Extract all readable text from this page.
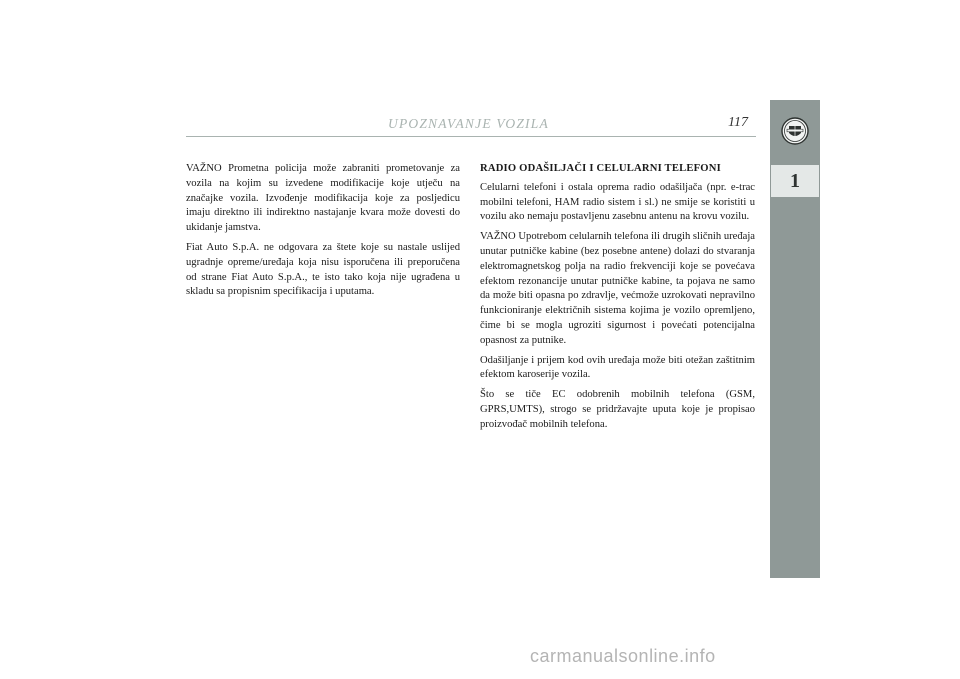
UPOZNAVANJE VOZILA	117
1

VAŽNO Prometna policija može zabraniti prometovanje za vozila na kojim su izvedene modifikacije koje utječu na značajke vozila. Izvođenje modifikacija koje za posljedicu imaju direktno ili indirektno nastajanje kvara može dovesti do ukidanje jamstva.

Fiat Auto S.p.A. ne odgovara za štete koje su nastale uslijed ugradnje opreme/uređaja koja nisu isporučena ili preporučena od strane Fiat Auto S.p.A., te isto tako koja nije ugrađena u skladu sa propisnim specifikacija i uputama.

RADIO ODAŠILJAČI I CELULARNI TELEFONI

Celularni telefoni i ostala oprema radio odašiljača (npr. e-trac mobilni telefoni, HAM radio sistem i sl.) ne smije se koristiti u vozilu ako nemaju postavljenu zasebnu antenu na krovu vozilu.

VAŽNO Upotrebom celularnih telefona ili drugih sličnih uređaja unutar putničke kabine (bez posebne antene) dolazi do stvaranja elektromagnetskog polja na radio frekvenciji koje se povećava efektom rezonancije unutar putničke kabine, ta pojava ne samo da može biti opasna po zdravlje, većmože uzrokovati nepravilno funkcioniranje električnih sistema kojima je vozilo opremljeno, čime bi se mogla ugroziti sigurnost i povećati potencijalna opasnost za putnike.

Odašiljanje i prijem kod ovih uređaja može biti otežan zaštitnim efektom karoserije vozila.

Što se tiče EC odobrenih mobilnih telefona (GSM, GPRS,UMTS), strogo se pridržavajte uputa koje je propisao proizvođač mobilnih telefona.

carmanualsonline.info
